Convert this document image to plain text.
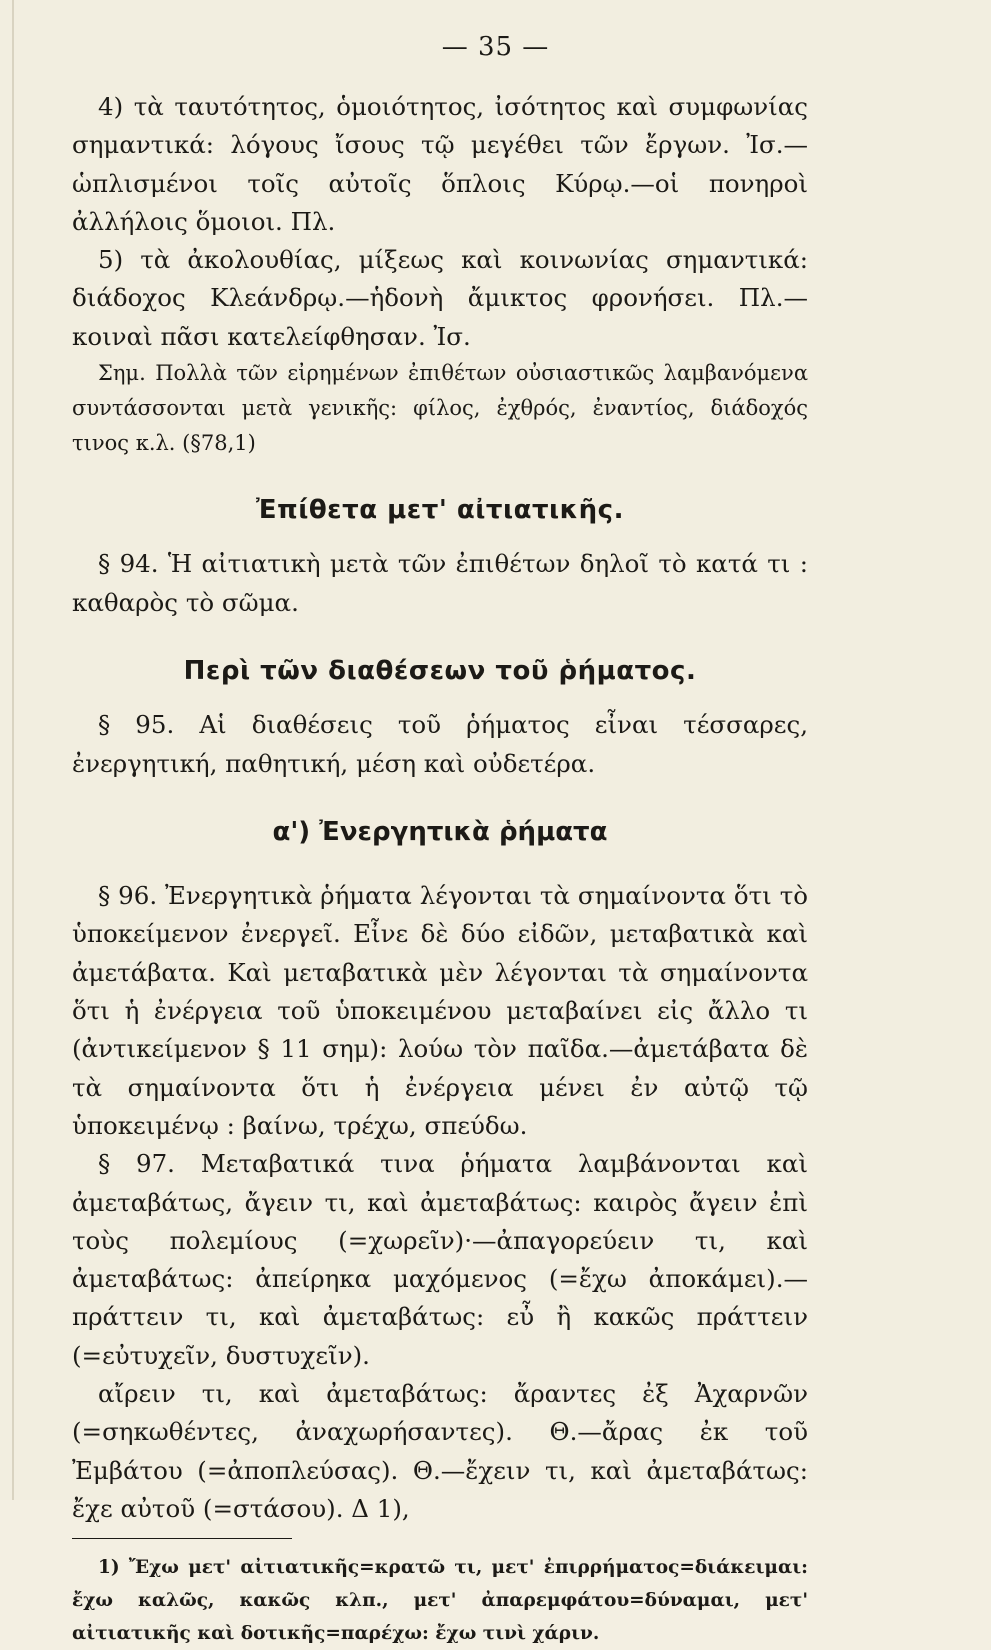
— 35 —

4) τὰ ταυτότητος, ὁμοιότητος, ἰσότητος καὶ συμφωνίας σημαντικά: λόγους ἴσους τῷ μεγέθει τῶν ἔργων. Ἰσ.—ὡπλισμένοι τοῖς αὐτοῖς ὅπλοις Κύρῳ.—οἱ πονηροὶ ἀλλήλοις ὅμοιοι. Πλ.

5) τὰ ἀκολουθίας, μίξεως καὶ κοινωνίας σημαντικά: διάδοχος Κλεάνδρῳ.—ἡδονὴ ἄμικτος φρονήσει. Πλ.—κοιναὶ πᾶσι κατελείφθησαν. Ἰσ.

Σημ. Πολλὰ τῶν εἰρημένων ἐπιθέτων οὐσιαστικῶς λαμβανόμενα συντάσσονται μετὰ γενικῆς: φίλος, ἐχθρός, ἐναντίος, διάδοχός τινος κ.λ. (§78,1)

Ἐπίθετα μετ' αἰτιατικῆς.

§ 94. Ἡ αἰτιατικὴ μετὰ τῶν ἐπιθέτων δηλοῖ τὸ κατά τι : καθαρὸς τὸ σῶμα.

Περὶ τῶν διαθέσεων τοῦ ῥήματος.

§ 95. Αἱ διαθέσεις τοῦ ῥήματος εἶναι τέσσαρες, ἐνεργητική, παθητική, μέση καὶ οὐδετέρα.

α') Ἐνεργητικὰ ῥήματα

§ 96. Ἐνεργητικὰ ῥήματα λέγονται τὰ σημαίνοντα ὅτι τὸ ὑποκείμενον ἐνεργεῖ. Εἶνε δὲ δύο εἰδῶν, μεταβατικὰ καὶ ἀμετάβατα. Καὶ μεταβατικὰ μὲν λέγονται τὰ σημαίνοντα ὅτι ἡ ἐνέργεια τοῦ ὑποκειμένου μεταβαίνει εἰς ἄλλο τι (ἀντικείμενον § 11 σημ): λούω τὸν παῖδα.—ἀμετάβατα δὲ τὰ σημαίνοντα ὅτι ἡ ἐνέργεια μένει ἐν αὐτῷ τῷ ὑποκειμένῳ : βαίνω, τρέχω, σπεύδω.

§ 97. Μεταβατικά τινα ῥήματα λαμβάνονται καὶ ἀμεταβάτως, ἄγειν τι, καὶ ἀμεταβάτως: καιρὸς ἄγειν ἐπὶ τοὺς πολεμίους (=χωρεῖν)·—ἀπαγορεύειν τι, καὶ ἀμεταβάτως: ἀπείρηκα μαχόμενος (=ἔχω ἀποκάμει).—πράττειν τι, καὶ ἀμεταβάτως: εὖ ἢ κακῶς πράττειν (=εὐτυχεῖν, δυστυχεῖν).

αἴρειν τι, καὶ ἀμεταβάτως: ἄραντες ἐξ Ἀχαρνῶν (=σηκωθέντες, ἀναχωρήσαντες). Θ.—ἄρας ἐκ τοῦ Ἐμβάτου (=ἀποπλεύσας). Θ.—ἔχειν τι, καὶ ἀμεταβάτως: ἔχε αὐτοῦ (=στάσου). Δ 1),

1) Ἔχω μετ' αἰτιατικῆς=κρατῶ τι, μετ' ἐπιρρήματος=διάκειμαι: ἔχω καλῶς, κακῶς κλπ., μετ' ἀπαρεμφάτου=δύναμαι, μετ' αἰτιατικῆς καὶ δοτικῆς=παρέχω: ἔχω τινὶ χάριν.
